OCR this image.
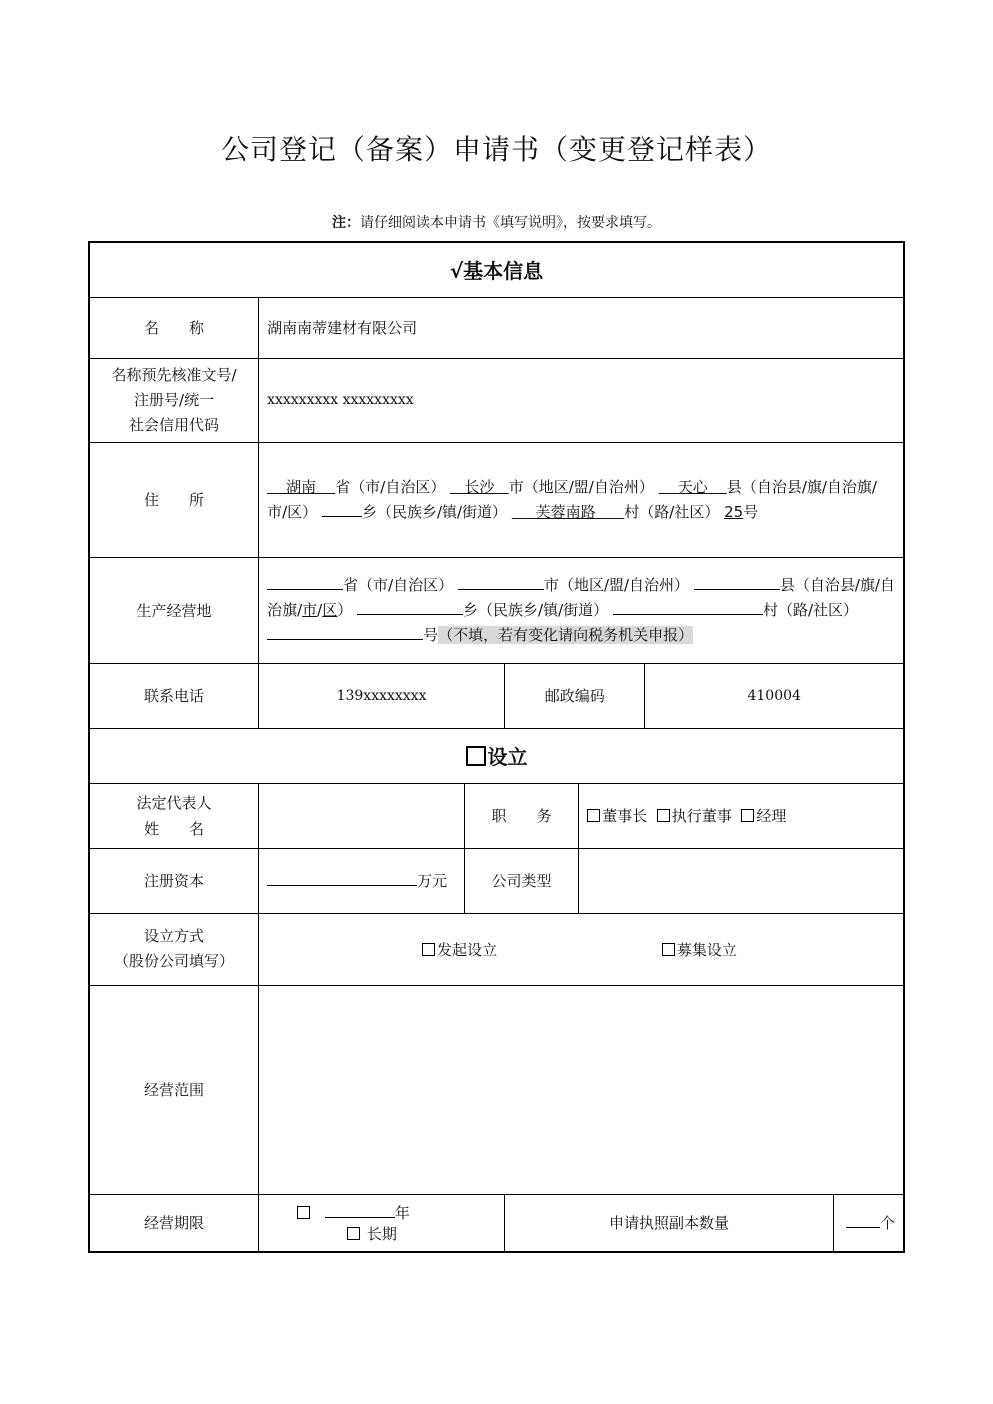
公司登记（备案）申请书（变更登记样表）
注：请仔细阅读本申请书《填写说明》，按要求填写。
√基本信息						
名　　称	湖南南蒂建材有限公司					

名称预先核准文号/
注册号/统一
社会信用代码	xxxxxxxxx xxxxxxxxx					
住　　所	湖南 省（市/自治区） 长沙 市（地区/盟/自治州） 天心 县（自治县/旗/自治旗/市/区） 乡（民族乡/镇/街道） 芙蓉南路 村（路/社区） 25号					
生产经营地	省（市/自治区） 市（地区/盟/自治州） 县（自治县/旗/自治旗/市/区） 乡（民族乡/镇/街道） 村（路/社区） 号（不填，若有变化请向税务机关申报）					
联系电话	139xxxxxxxx		邮政编码		410004	
设立						

法定代表人
姓　　名		职　　务		董事长 执行董事 经理		
注册资本	万元	公司类型				

设立方式
（股份公司填写）	发起设立 募集设立					
经营范围						
经营期限	年  长期		申请执照副本数量			个
